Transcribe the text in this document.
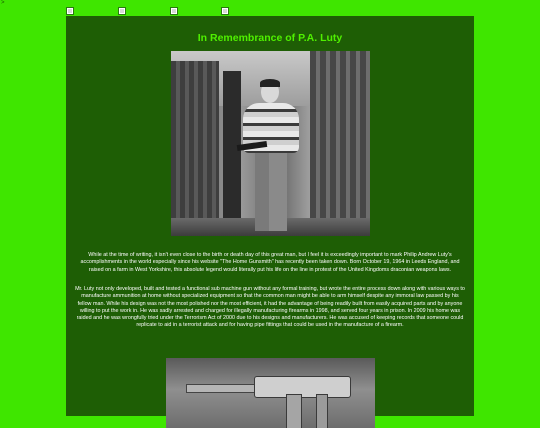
>
In Remembrance of P.A. Luty
While at the time of writing, it isn't even close to the birth or death day of this great man, but I feel it is exceedingly important to mark Philip Andrew Luty's accomplishments in the world especially since his website "The Home Gunsmith" has recently been taken down. Born October 19, 1964 in Leeds England, and raised on a farm in West Yorkshire, this absolute legend would literally put his life on the line in protest of the United Kingdoms draconian weapons laws.
Mr. Luty not only developed, built and tested a functional sub machine gun without any formal training, but wrote the entire process down along with various ways to manufacture ammunition at home without specialized equipment so that the common man might be able to arm himself despite any immoral law passed by his fellow man. While his design was not the most polished nor the most efficient, it had the advantage of being readily built from easily acquired parts and by anyone willing to put the work in. He was sadly arrested and charged for illegally manufacturing firearms in 1998, and served four years in prison. In 2009 his home was raided and he was wrongfully tried under the Terrorism Act of 2000 due to his designs and manufacturers. He was accused of keeping records that someone could replicate to aid in a terrorist attack and for having pipe fittings that could be used in the manufacture of a firearm.
